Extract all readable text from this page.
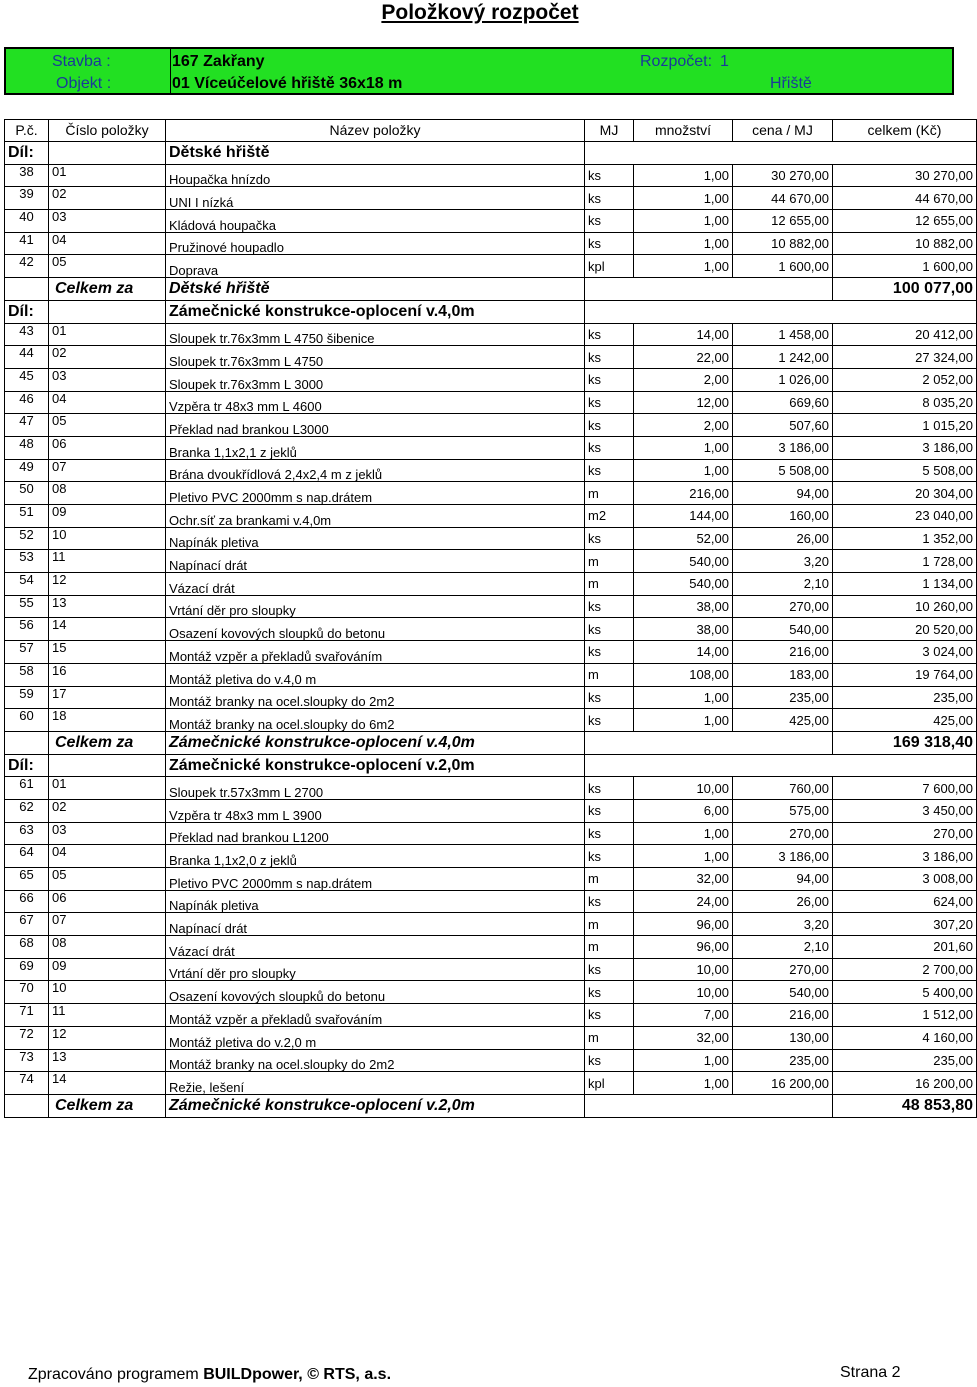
Položkový rozpočet
Stavba :	167 Zakřany	Rozpočet: 1
Objekt :	01 Víceúčelové hřiště 36x18 m	Hřiště
P.č.	Číslo položky	Název položky	MJ	množství	cena / MJ	celkem (Kč)
Díl:		Dětské hřiště				
38	01	Houpačka hnízdo	ks	1,00	30 270,00	30 270,00
39	02	UNI I nízká	ks	1,00	44 670,00	44 670,00
40	03	Kládová houpačka	ks	1,00	12 655,00	12 655,00
41	04	Pružinové houpadlo	ks	1,00	10 882,00	10 882,00
42	05	Doprava	kpl	1,00	1 600,00	1 600,00
	Celkem za	Dětské hřiště				100 077,00
Díl:		Zámečnické konstrukce-oplocení v.4,0m				
43	01	Sloupek tr.76x3mm L 4750 šibenice	ks	14,00	1 458,00	20 412,00
44	02	Sloupek tr.76x3mm L 4750	ks	22,00	1 242,00	27 324,00
45	03	Sloupek tr.76x3mm L 3000	ks	2,00	1 026,00	2 052,00
46	04	Vzpěra tr 48x3 mm L 4600	ks	12,00	669,60	8 035,20
47	05	Překlad nad brankou L3000	ks	2,00	507,60	1 015,20
48	06	Branka 1,1x2,1 z jeklů	ks	1,00	3 186,00	3 186,00
49	07	Brána dvoukřídlová 2,4x2,4 m z jeklů	ks	1,00	5 508,00	5 508,00
50	08	Pletivo PVC 2000mm s nap.drátem	m	216,00	94,00	20 304,00
51	09	Ochr.síť za brankami v.4,0m	m2	144,00	160,00	23 040,00
52	10	Napínák pletiva	ks	52,00	26,00	1 352,00
53	11	Napínací drát	m	540,00	3,20	1 728,00
54	12	Vázací drát	m	540,00	2,10	1 134,00
55	13	Vrtání děr pro sloupky	ks	38,00	270,00	10 260,00
56	14	Osazení kovových sloupků do betonu	ks	38,00	540,00	20 520,00
57	15	Montáž vzpěr a překladů svařováním	ks	14,00	216,00	3 024,00
58	16	Montáž pletiva do v.4,0 m	m	108,00	183,00	19 764,00
59	17	Montáž branky na ocel.sloupky do 2m2	ks	1,00	235,00	235,00
60	18	Montáž branky na ocel.sloupky do 6m2	ks	1,00	425,00	425,00
	Celkem za	Zámečnické konstrukce-oplocení v.4,0m				169 318,40
Díl:		Zámečnické konstrukce-oplocení v.2,0m				
61	01	Sloupek tr.57x3mm L 2700	ks	10,00	760,00	7 600,00
62	02	Vzpěra tr 48x3 mm L 3900	ks	6,00	575,00	3 450,00
63	03	Překlad nad brankou L1200	ks	1,00	270,00	270,00
64	04	Branka 1,1x2,0 z jeklů	ks	1,00	3 186,00	3 186,00
65	05	Pletivo PVC 2000mm s nap.drátem	m	32,00	94,00	3 008,00
66	06	Napínák pletiva	ks	24,00	26,00	624,00
67	07	Napínací drát	m	96,00	3,20	307,20
68	08	Vázací drát	m	96,00	2,10	201,60
69	09	Vrtání děr pro sloupky	ks	10,00	270,00	2 700,00
70	10	Osazení kovových sloupků do betonu	ks	10,00	540,00	5 400,00
71	11	Montáž vzpěr a překladů svařováním	ks	7,00	216,00	1 512,00
72	12	Montáž pletiva do v.2,0 m	m	32,00	130,00	4 160,00
73	13	Montáž branky na ocel.sloupky do 2m2	ks	1,00	235,00	235,00
74	14	Režie, lešení	kpl	1,00	16 200,00	16 200,00
	Celkem za	Zámečnické konstrukce-oplocení v.2,0m				48 853,80
Zpracováno programem BUILDpower, © RTS, a.s.	Strana 2
